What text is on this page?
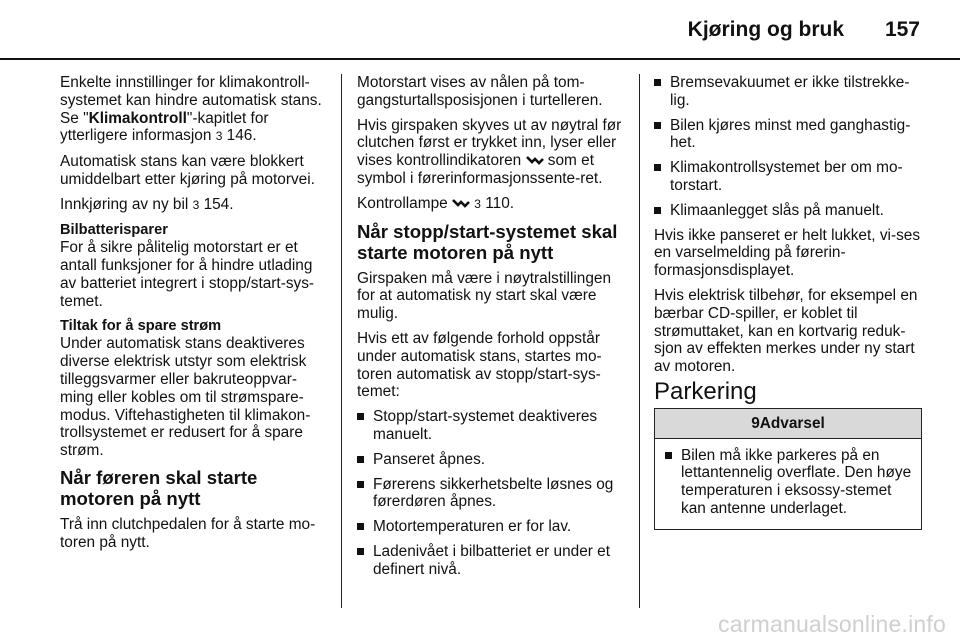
Kjøring og bruk 157

Enkelte innstillinger for klimakontroll-systemet kan hindre automatisk stans. Se "Klimakontroll"-kapitlet for ytterligere informasjon 3 146.

Automatisk stans kan være blokkert umiddelbart etter kjøring på motorvei.

Innkjøring av ny bil 3 154.

Bilbatterisparer

For å sikre pålitelig motorstart er et antall funksjoner for å hindre utlading av batteriet integrert i stopp/start-sys-temet.

Tiltak for å spare strøm

Under automatisk stans deaktiveres diverse elektrisk utstyr som elektrisk tilleggsvarmer eller bakruteoppvar-ming eller kobles om til strømspare-modus. Viftehastigheten til klimakon-trollsystemet er redusert for å spare strøm.

Når føreren skal starte motoren på nytt

Trå inn clutchpedalen for å starte mo-toren på nytt.

Motorstart vises av nålen på tom-gangsturtallsposisjonen i turtelleren.

Hvis girspaken skyves ut av nøytral før clutchen først er trykket inn, lyser eller vises kontrollindikatoren  som et symbol i førerinformasjonssente-ret.

Kontrollampe  3 110.

Når stopp/start-systemet skal starte motoren på nytt

Girspaken må være i nøytralstillingen for at automatisk ny start skal være mulig.

Hvis ett av følgende forhold oppstår under automatisk stans, startes mo-toren automatisk av stopp/start-sys-temet:

Stopp/start-systemet deaktiveres manuelt.
Panseret åpnes.
Førerens sikkerhetsbelte løsnes og førerdøren åpnes.
Motortemperaturen er for lav.
Ladenivået i bilbatteriet er under et definert nivå.
Bremsevakuumet er ikke tilstrekke-lig.
Bilen kjøres minst med ganghastig-het.
Klimakontrollsystemet ber om mo-torstart.
Klimaanlegget slås på manuelt.

Hvis ikke panseret er helt lukket, vi-ses en varselmelding på førerin-formasjonsdisplayet.

Hvis elektrisk tilbehør, for eksempel en bærbar CD-spiller, er koblet til strømuttaket, kan en kortvarig reduk-sjon av effekten merkes under ny start av motoren.

Parkering

9Advarsel
Bilen må ikke parkeres på en lettantennelig overflate. Den høye temperaturen i eksossy-stemet kan antenne underlaget.
carmanualsonline.info
